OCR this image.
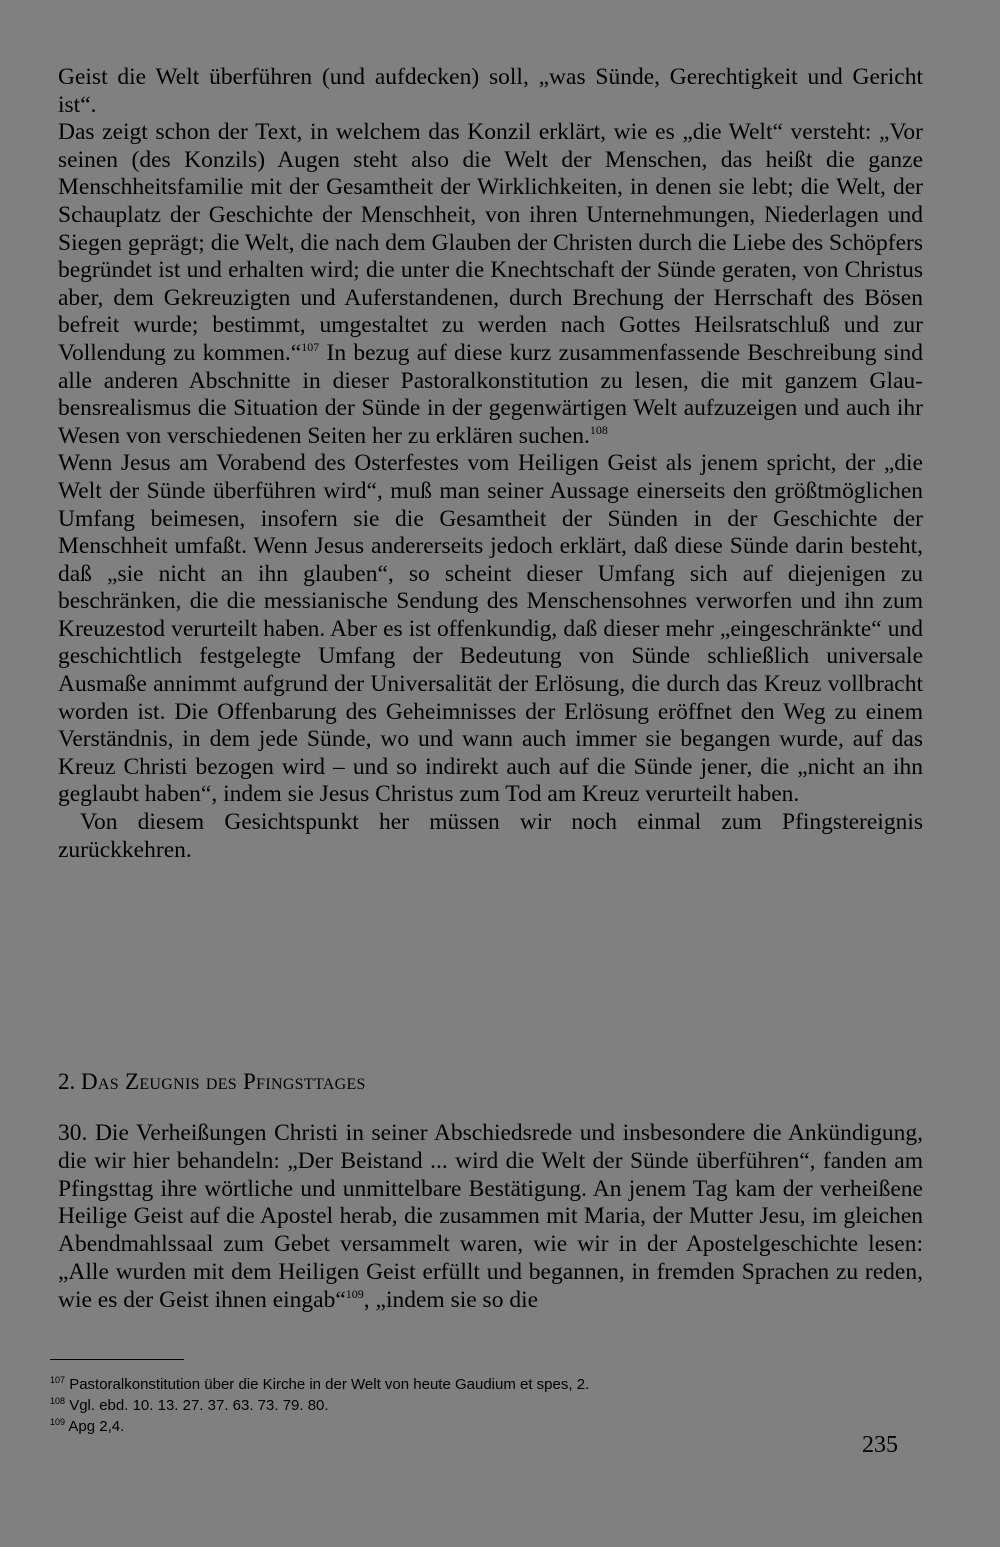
Geist die Welt überführen (und aufdecken) soll, „was Sünde, Gerechtigkeit und Gericht ist“.

Das zeigt schon der Text, in welchem das Konzil erklärt, wie es „die Welt“ versteht: „Vor seinen (des Konzils) Augen steht also die Welt der Menschen, das heißt die ganze Menschheitsfamilie mit der Gesamtheit der Wirklichkeiten, in denen sie lebt; die Welt, der Schauplatz der Geschichte der Menschheit, von ihren Unternehmungen, Niederlagen und Siegen geprägt; die Welt, die nach dem Glauben der Christen durch die Liebe des Schöpfers begründet ist und erhalten wird; die unter die Knechtschaft der Sünde geraten, von Christus aber, dem Gekreuzigten und Auferstandenen, durch Brechung der Herrschaft des Bösen befreit wurde; bestimmt, umgestaltet zu werden nach Gottes Heilsratschluß und zur Vollendung zu kommen.“$^{107}$ In bezug auf diese kurz zusammenfassende Beschreibung sind alle anderen Abschnitte in dieser Pastoralkonstitution zu lesen, die mit ganzem Glaubensrealismus die Situation der Sünde in der gegenwärtigen Welt aufzuzeigen und auch ihr Wesen von verschiedenen Seiten her zu erklären suchen.$^{108}$

Wenn Jesus am Vorabend des Osterfestes vom Heiligen Geist als jenem spricht, der „die Welt der Sünde überführen wird“, muß man seiner Aussage einerseits den größtmöglichen Umfang beimesen, insofern sie die Gesamtheit der Sünden in der Geschichte der Menschheit umfaßt. Wenn Jesus andererseits jedoch erklärt, daß diese Sünde darin besteht, daß „sie nicht an ihn glauben“, so scheint dieser Umfang sich auf diejenigen zu beschränken, die die messianische Sendung des Menschensohnes verworfen und ihn zum Kreuzestod verurteilt haben. Aber es ist offenkundig, daß dieser mehr „eingeschränkte“ und geschichtlich festgelegte Umfang der Bedeutung von Sünde schließlich universale Ausmaße annimmt aufgrund der Universalität der Erlösung, die durch das Kreuz vollbracht worden ist. Die Offenbarung des Geheimnisses der Erlösung eröffnet den Weg zu einem Verständnis, in dem jede Sünde, wo und wann auch immer sie begangen wurde, auf das Kreuz Christi bezogen wird – und so indirekt auch auf die Sünde jener, die „nicht an ihn geglaubt haben“, indem sie Jesus Christus zum Tod am Kreuz verurteilt haben.

Von diesem Gesichtspunkt her müssen wir noch einmal zum Pfingstereignis zurückkehren.

2. Das Zeugnis des Pfingsttages

30. Die Verheißungen Christi in seiner Abschiedsrede und insbesondere die Ankündigung, die wir hier behandeln: „Der Beistand ... wird die Welt der Sünde überführen“, fanden am Pfingsttag ihre wörtliche und unmittelbare Bestätigung. An jenem Tag kam der verheißene Heilige Geist auf die Apostel herab, die zusammen mit Maria, der Mutter Jesu, im gleichen Abendmahlssaal zum Gebet versammelt waren, wie wir in der Apostelgeschichte lesen: „Alle wurden mit dem Heiligen Geist erfüllt und begannen, in fremden Sprachen zu reden, wie es der Geist ihnen eingab“$^{109}$, „indem sie so die

$^{107}$ Pastoralkonstitution über die Kirche in der Welt von heute Gaudium et spes, 2.

$^{108}$ Vgl. ebd. 10. 13. 27. 37. 63. 73. 79. 80.

$^{109}$ Apg 2,4.

235
